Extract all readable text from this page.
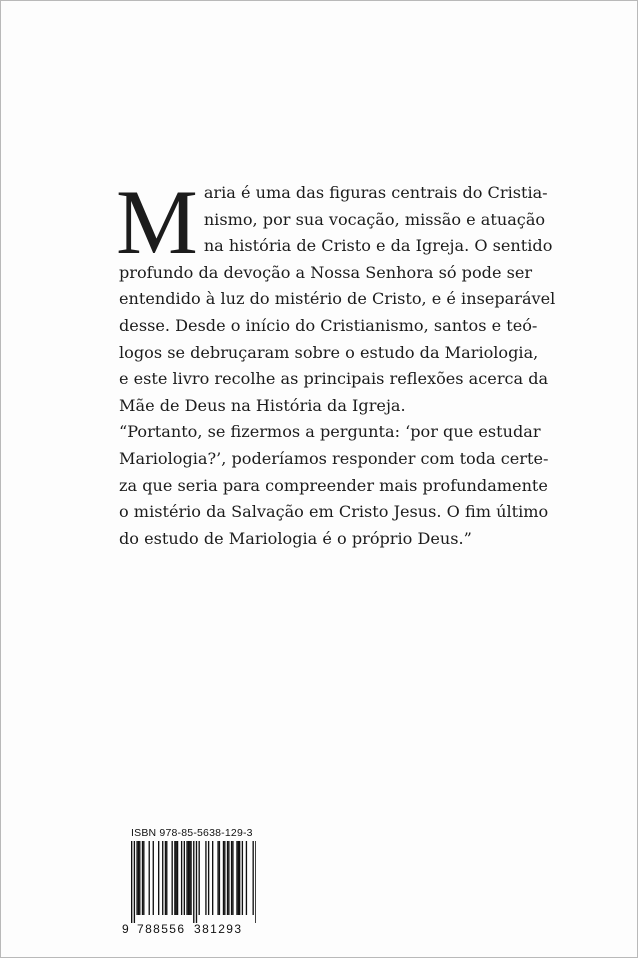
M aria é uma das figuras centrais do Cristia-
nismo, por sua vocação, missão e atuação
na história de Cristo e da Igreja. O sentido
profundo da devoção a Nossa Senhora só pode ser
entendido à luz do mistério de Cristo, e é inseparável
desse. Desde o início do Cristianismo, santos e teó-
logos se debruçaram sobre o estudo da Mariologia,
e este livro recolhe as principais reflexões acerca da
Mãe de Deus na História da Igreja.

“Portanto, se fizermos a pergunta: ‘por que estudar
Mariologia?’, poderíamos responder com toda certe-
za que seria para compreender mais profundamente
o mistério da Salvação em Cristo Jesus. O fim último
do estudo de Mariologia é o próprio Deus.”

ISBN 978-85-5638-129-3
9 788556 381293
